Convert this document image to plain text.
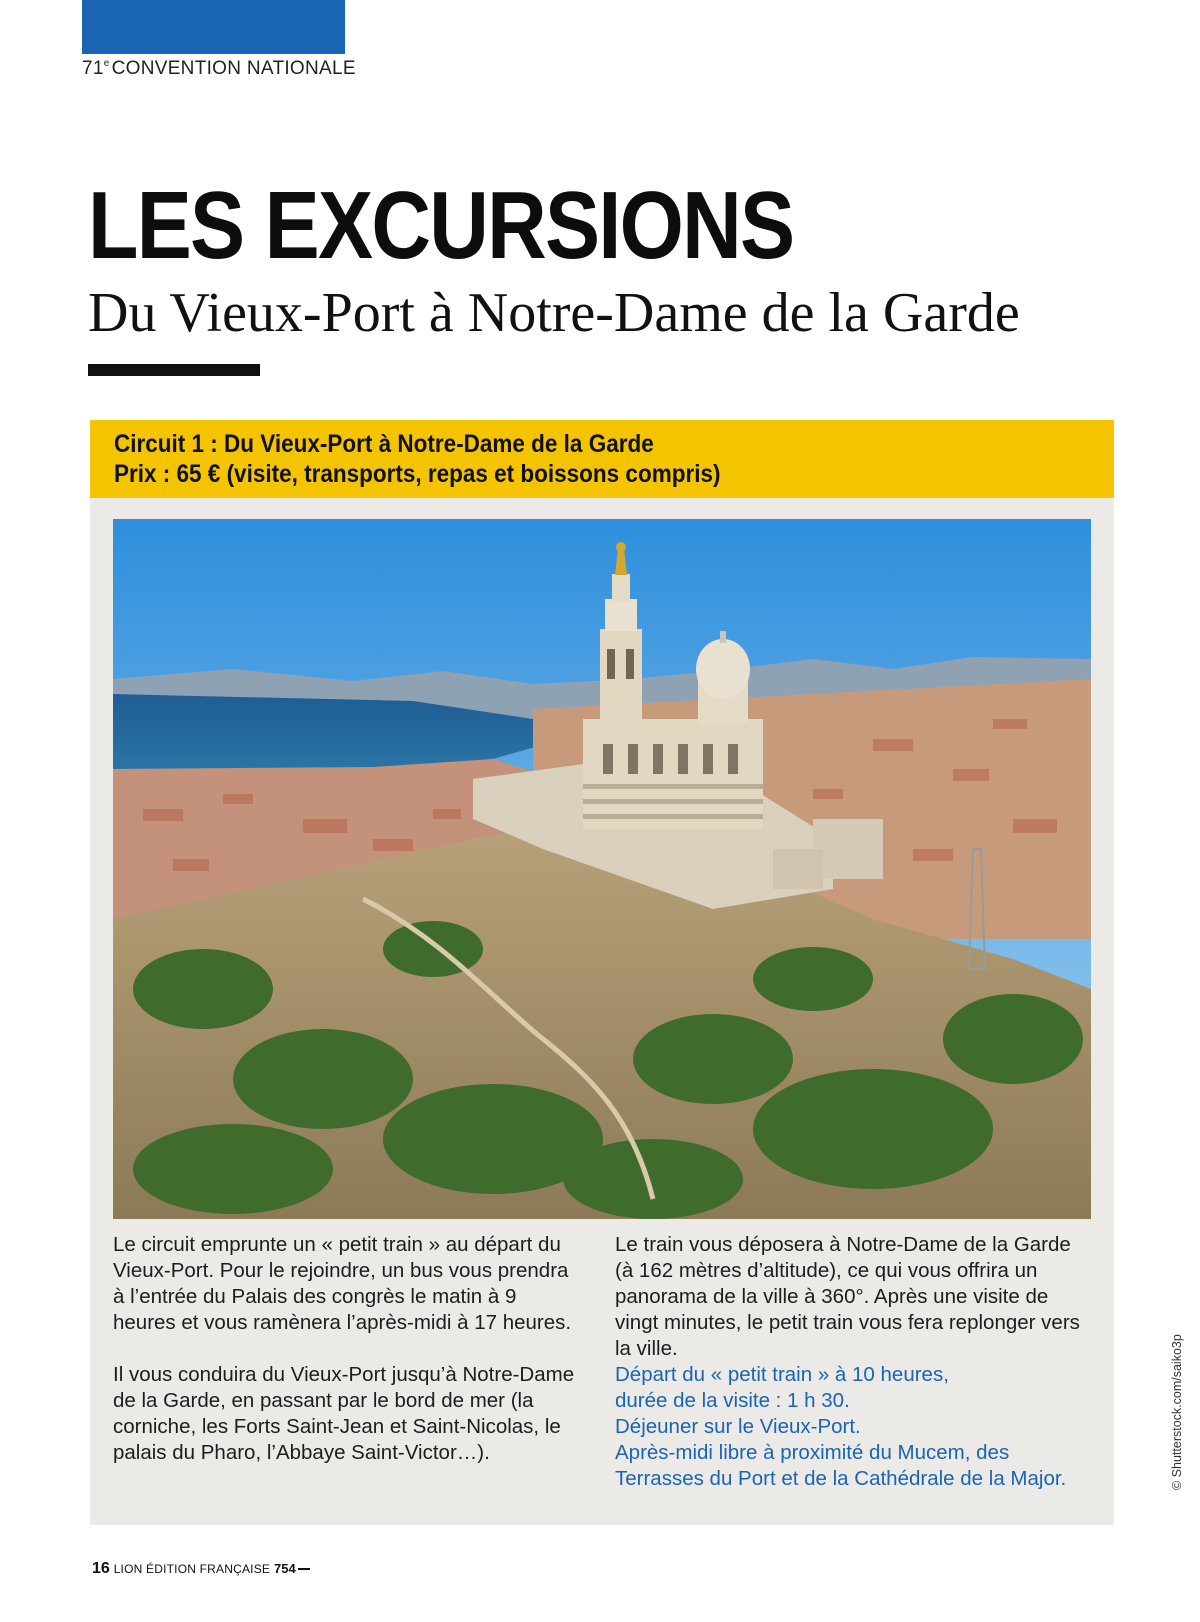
71e CONVENTION NATIONALE
LES EXCURSIONS
Du Vieux-Port à Notre-Dame de la Garde
Circuit 1 : Du Vieux-Port à Notre-Dame de la Garde
Prix : 65 € (visite, transports, repas et boissons compris)

Le circuit emprunte un « petit train » au départ du Vieux-Port. Pour le rejoindre, un bus vous prendra à l’entrée du Palais des congrès le matin à 9 heures et vous ramènera l’après-midi à 17 heures.

Il vous conduira du Vieux-Port jusqu’à Notre-Dame de la Garde, en passant par le bord de mer (la corniche, les Forts Saint-Jean et Saint-Nicolas, le palais du Pharo, l’Abbaye Saint-Victor…).

Le train vous déposera à Notre-Dame de la Garde (à 162 mètres d’altitude), ce qui vous offrira un panorama de la ville à 360°. Après une visite de vingt minutes, le petit train vous fera replonger vers la ville.

Départ du « petit train » à 10 heures,
durée de la visite : 1 h 30.
Déjeuner sur le Vieux-Port.
Après-midi libre à proximité du Mucem, des Terrasses du Port et de la Cathédrale de la Major.	© Shutterstock.com/saiko3p
16 LION ÉDITION FRANÇAISE 754
